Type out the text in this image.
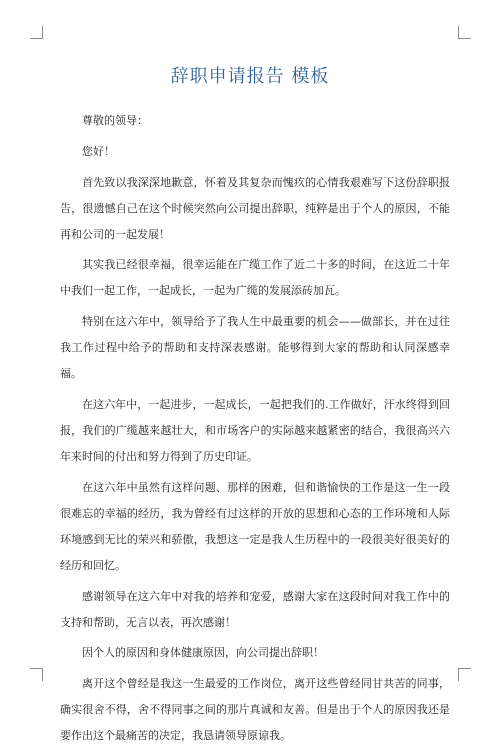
辞职申请报告 模板

尊敬的领导：

您好！

首先致以我深深地歉意，怀着及其复杂而愧疚的心情我艰难写下这份辞职报告，很遗憾自己在这个时候突然向公司提出辞职，纯粹是出于个人的原因，不能再和公司的一起发展！

其实我已经很幸福，很幸运能在广缆工作了近二十多的时间，在这近二十年中我们一起工作，一起成长，一起为广缆的发展添砖加瓦。

特别在这六年中，领导给予了我人生中最重要的机会——做部长，并在过往我工作过程中给予的帮助和支持深表感谢。能够得到大家的帮助和认同深感幸福。

在这六年中，一起进步，一起成长，一起把我们的.工作做好，汗水终得到回报，我们的广缆越来越壮大，和市场客户的实际越来越紧密的结合，我很高兴六年来时间的付出和努力得到了历史印证。

在这六年中虽然有这样问题、那样的困难，但和谐愉快的工作是这一生一段很难忘的幸福的经历，我为曾经有过这样的开放的思想和心态的工作环境和人际环境感到无比的荣兴和骄傲，我想这一定是我人生历程中的一段很美好很美好的经历和回忆。

感谢领导在这六年中对我的培养和宠爱，感谢大家在这段时间对我工作中的支持和帮助，无言以表，再次感谢！

因个人的原因和身体健康原因，向公司提出辞职！

离开这个曾经是我这一生最爱的工作岗位，离开这些曾经同甘共苦的同事，确实很舍不得，舍不得同事之间的那片真诚和友善。但是出于个人的原因我还是要作出这个最痛苦的决定，我恳请领导原谅我。
